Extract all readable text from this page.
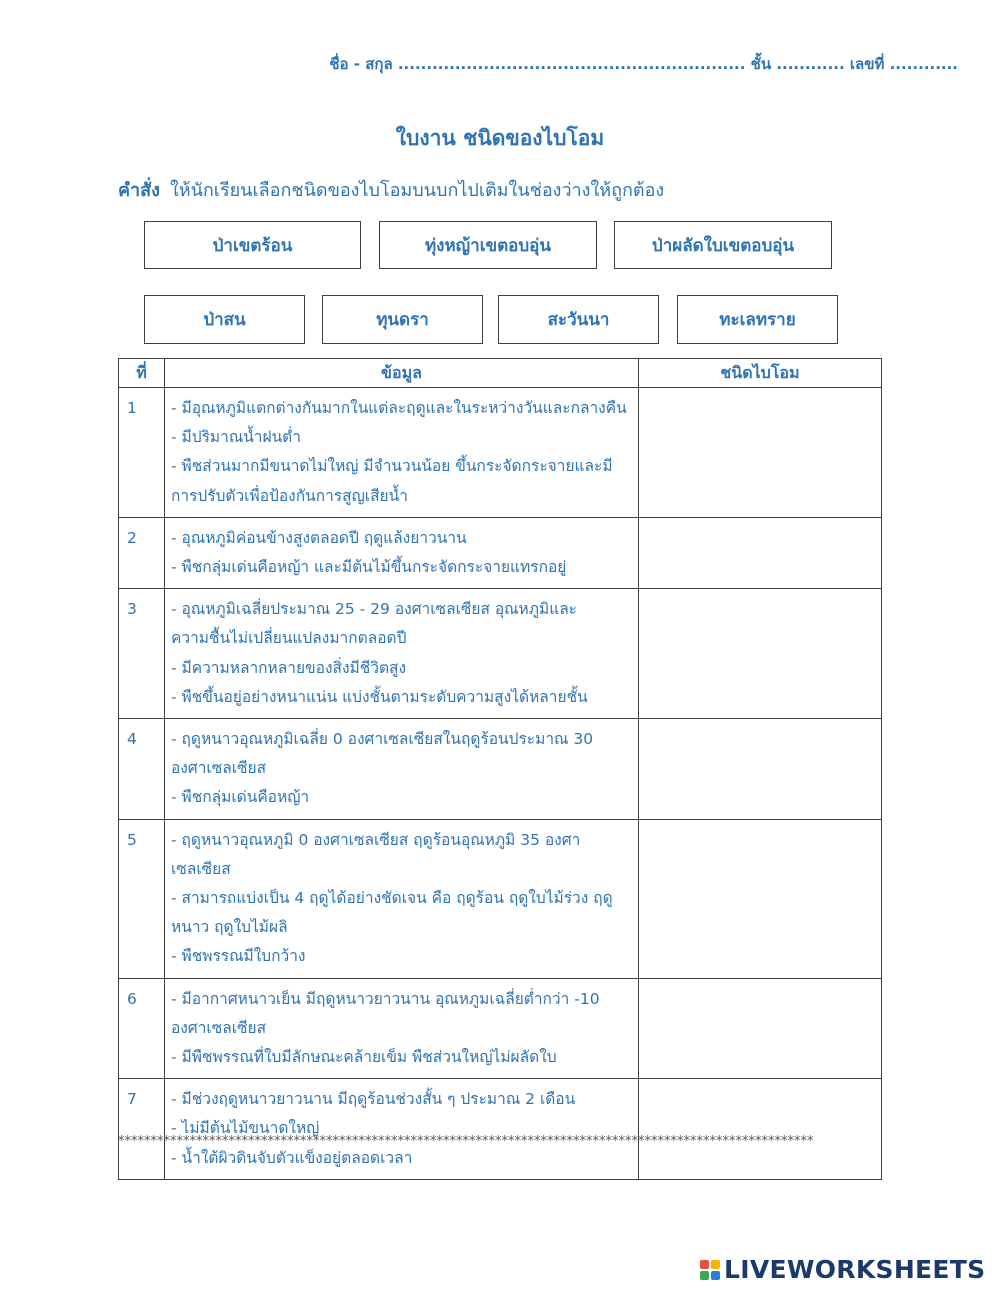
ชื่อ - สกุล ............................................................. ชั้น ............ เลขที่ ............
ใบงาน ชนิดของไบโอม
คำสั่ง ให้นักเรียนเลือกชนิดของไบโอมบนบกไปเติมในช่องว่างให้ถูกต้อง
ป่าเขตร้อน	ทุ่งหญ้าเขตอบอุ่น	ป่าผลัดใบเขตอบอุ่น
ป่าสน	ทุนดรา	สะวันนา	ทะเลทราย
ที่	ข้อมูล	ชนิดไบโอม
1	- มีอุณหภูมิแตกต่างกันมากในแต่ละฤดูและในระหว่างวันและกลางคืน
- มีปริมาณน้ำฝนต่ำ
- พืชส่วนมากมีขนาดไม่ใหญ่ มีจำนวนน้อย ขึ้นกระจัดกระจายและมีการปรับตัวเพื่อป้องกันการสูญเสียน้ำ	

2	- อุณหภูมิค่อนข้างสูงตลอดปี ฤดูแล้งยาวนาน
- พืชกลุ่มเด่นคือหญ้า และมีต้นไม้ขึ้นกระจัดกระจายแทรกอยู่	

3	- อุณหภูมิเฉลี่ยประมาณ 25 - 29 องศาเซลเซียส อุณหภูมิและความชื้นไม่เปลี่ยนแปลงมากตลอดปี
- มีความหลากหลายของสิ่งมีชีวิตสูง
- พืชขึ้นอยู่อย่างหนาแน่น แบ่งชั้นตามระดับความสูงได้หลายชั้น	

4	- ฤดูหนาวอุณหภูมิเฉลี่ย 0 องศาเซลเซียสในฤดูร้อนประมาณ 30 องศาเซลเซียส
- พืชกลุ่มเด่นคือหญ้า	

5	- ฤดูหนาวอุณหภูมิ 0 องศาเซลเซียส ฤดูร้อนอุณหภูมิ 35 องศาเซลเซียส
- สามารถแบ่งเป็น 4 ฤดูได้อย่างชัดเจน คือ ฤดูร้อน ฤดูใบไม้ร่วง ฤดูหนาว ฤดูใบไม้ผลิ
- พืชพรรณมีใบกว้าง	

6	- มีอากาศหนาวเย็น มีฤดูหนาวยาวนาน อุณหภูมเฉลี่ยต่ำกว่า -10 องศาเซลเซียส
- มีพืชพรรณที่ใบมีลักษณะคล้ายเข็ม พืชส่วนใหญ่ไม่ผลัดใบ	

7	- มีช่วงฤดูหนาวยาวนาน มีฤดูร้อนช่วงสั้น ๆ ประมาณ 2 เดือน
- ไม่มีต้นไม้ขนาดใหญ่
- น้ำใต้ผิวดินจับตัวแข็งอยู่ตลอดเวลา	

***********************************************************************************************************
LIVEWORKSHEETS
